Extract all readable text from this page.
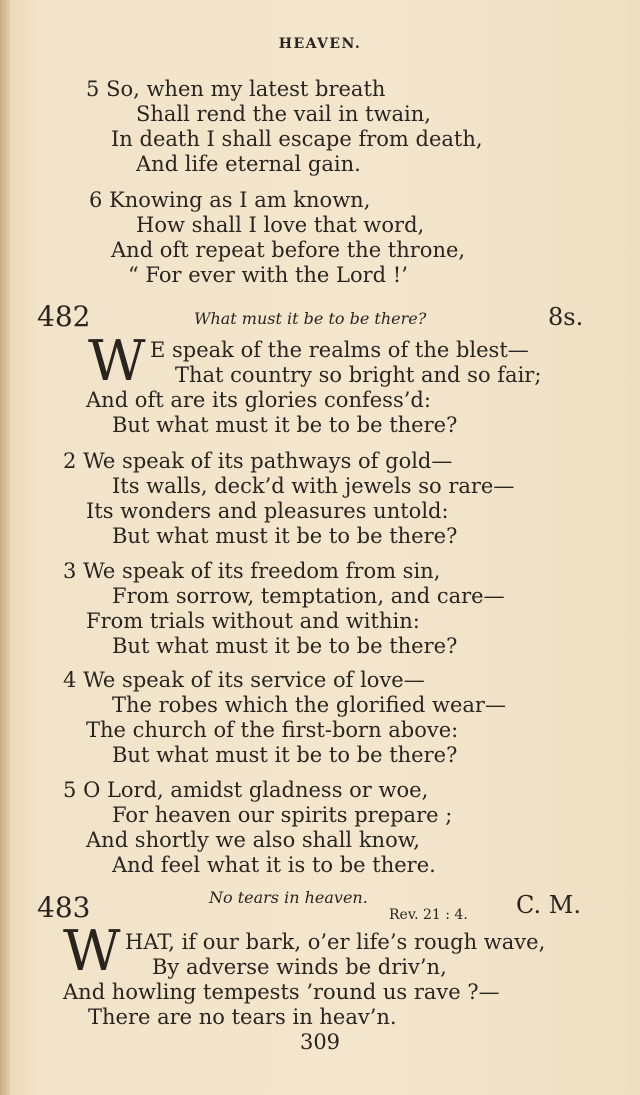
HEAVEN.
5 So, when my latest breath
Shall rend the vail in twain,
In death I shall escape from death,
And life eternal gain.
6 Knowing as I am known,
How shall I love that word,
And oft repeat before the throne,
“ For ever with the Lord !’
482	What must it be to be there?	8s.
W E speak of the realms of the blest—
That country so bright and so fair;
And oft are its glories confess’d:
But what must it be to be there?
2 We speak of its pathways of gold—
Its walls, deck’d with jewels so rare—
Its wonders and pleasures untold:
But what must it be to be there?
3 We speak of its freedom from sin,
From sorrow, temptation, and care—
From trials without and within:
But what must it be to be there?
4 We speak of its service of love—
The robes which the glorified wear—
The church of the first-born above:
But what must it be to be there?
5 O Lord, amidst gladness or woe,
For heaven our spirits prepare ;
And shortly we also shall know,
And feel what it is to be there.
483	No tears in heaven.
Rev. 21 : 4. C. M.
W HAT, if our bark, o’er life’s rough wave,
By adverse winds be driv’n,
And howling tempests ’round us rave ?—
There are no tears in heav’n.
309
